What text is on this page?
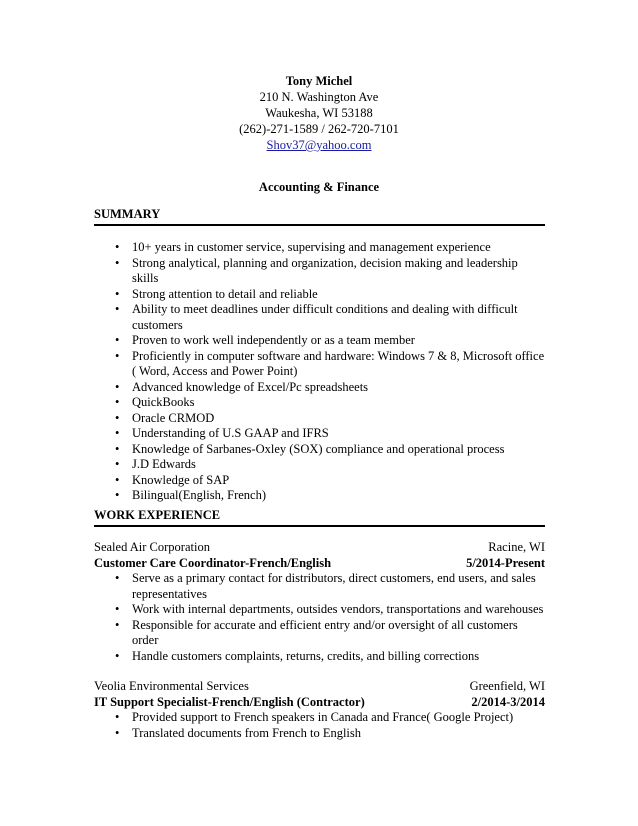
Tony Michel
210 N. Washington Ave
Waukesha, WI 53188
(262)-271-1589 / 262-720-7101
Shov37@yahoo.com
Accounting & Finance
SUMMARY
• 10+ years in customer service, supervising and management experience
• Strong analytical, planning and organization, decision making and leadership skills
• Strong attention to detail and reliable
• Ability to meet deadlines under difficult conditions and dealing with difficult customers
• Proven to work well independently or as a team member
• Proficiently in computer software and hardware: Windows 7 & 8, Microsoft office ( Word, Access and Power Point)
• Advanced knowledge of Excel/Pc spreadsheets
• QuickBooks
• Oracle CRMOD
• Understanding of U.S GAAP and IFRS
• Knowledge of Sarbanes-Oxley (SOX) compliance and operational process
• J.D Edwards
• Knowledge of SAP
• Bilingual(English, French)
WORK EXPERIENCE
Sealed Air Corporation	Racine, WI
Customer Care Coordinator-French/English	5/2014-Present
• Serve as a primary contact for distributors, direct customers, end users, and sales representatives
• Work with internal departments, outsides vendors, transportations and warehouses
• Responsible for accurate and efficient entry and/or oversight of all customers order
• Handle customers complaints, returns, credits, and billing corrections
Veolia Environmental Services	Greenfield, WI
IT Support Specialist-French/English (Contractor)	2/2014-3/2014
• Provided support to French speakers in Canada and France( Google Project)
• Translated documents from French to English
